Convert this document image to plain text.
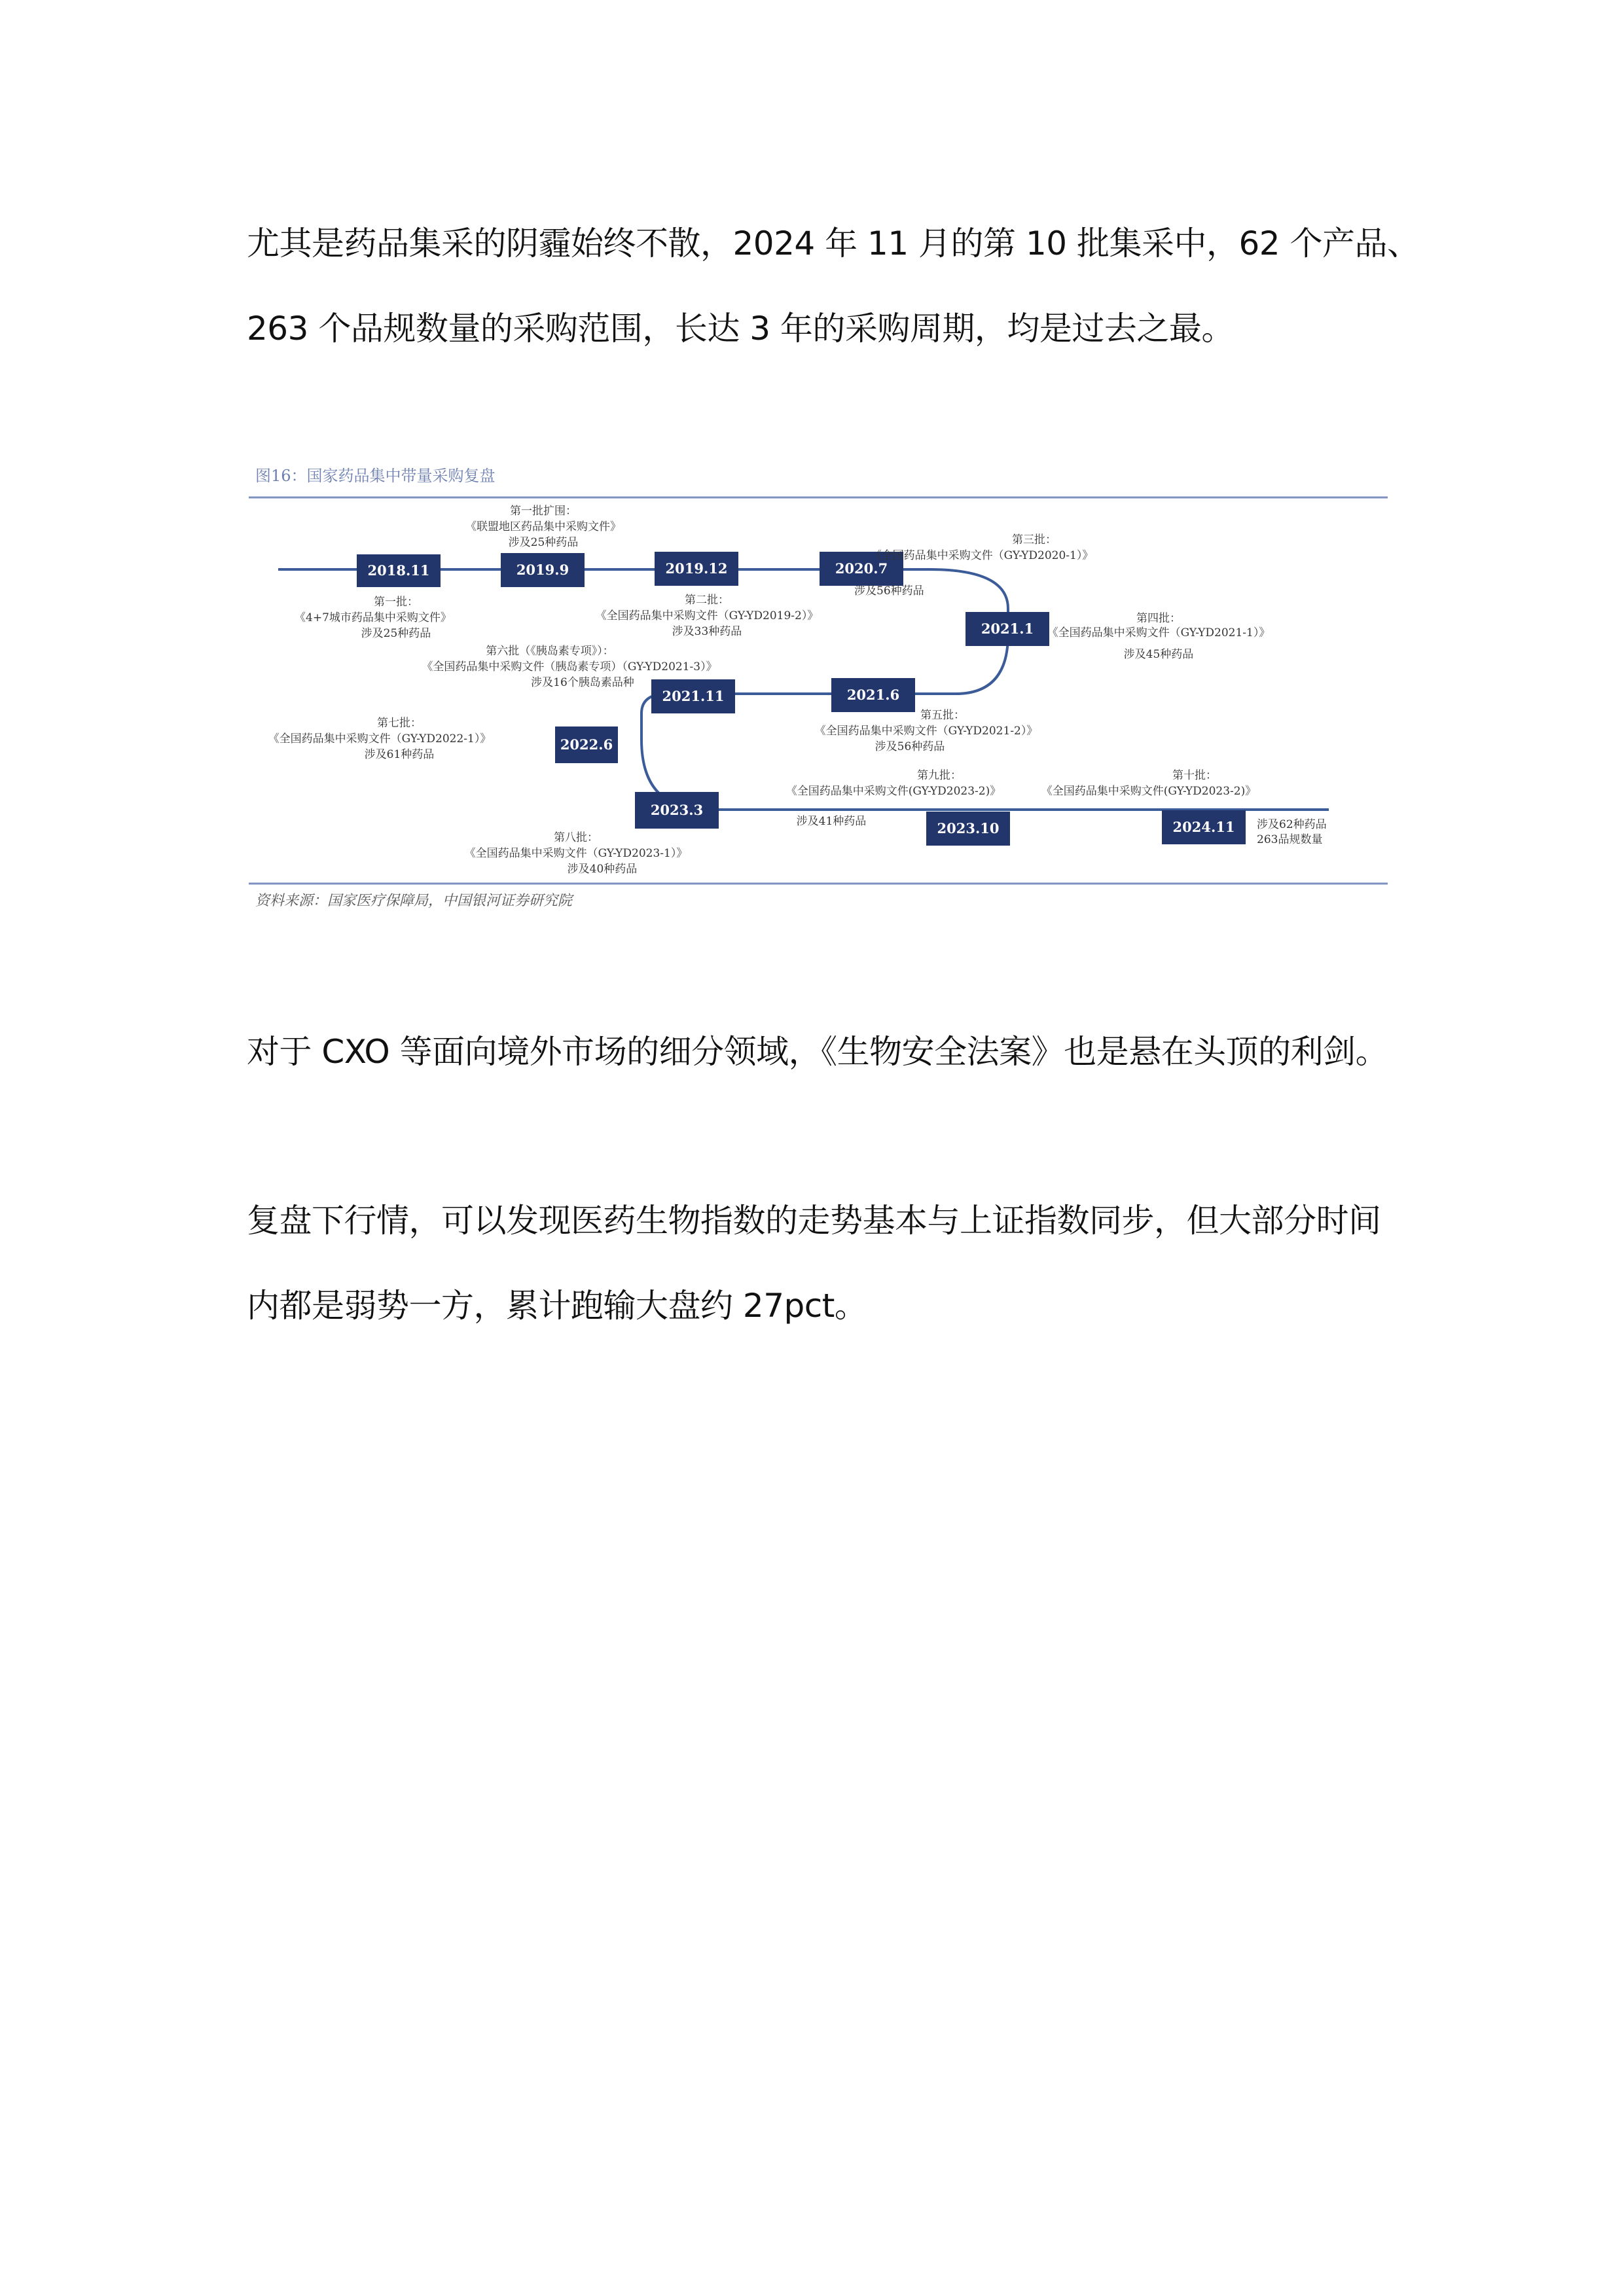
尤其是药品集采的阴霾始终不散，2024 年 11 月的第 10 批集采中，62 个产品、

263 个品规数量的采购范围，长达 3 年的采购周期，均是过去之最。

图16：国家药品集中带量采购复盘
2018.11	2019.9	2019.12	2020.7
2021.1
2021.6
2021.11
2022.6
2023.3
2023.10	2024.11
第一批：
《4+7城市药品集中采购文件》
涉及25种药品
第一批扩围：
《联盟地区药品集中采购文件》
涉及25种药品
第二批：
《全国药品集中采购文件（GY-YD2019-2）》
涉及33种药品
第三批：
《全国药品集中采购文件（GY-YD2020-1）》
涉及56种药品
第四批：
《全国药品集中采购文件（GY-YD2021-1）》
涉及45种药品
第五批：
《全国药品集中采购文件（GY-YD2021-2）》
涉及56种药品
第六批（《胰岛素专项》）：
《全国药品集中采购文件（胰岛素专项）（GY-YD2021-3）》
涉及16个胰岛素品种
第七批：
《全国药品集中采购文件（GY-YD2022-1）》
涉及61种药品
第八批：
《全国药品集中采购文件（GY-YD2023-1）》
涉及40种药品
第九批：
《全国药品集中采购文件(GY-YD2023-2)》
涉及41种药品
第十批：
《全国药品集中采购文件(GY-YD2023-2)》
涉及62种药品
263品规数量
资料来源：国家医疗保障局，中国银河证券研究院

对于 CXO 等面向境外市场的细分领域，《生物安全法案》也是悬在头顶的利剑。

复盘下行情，可以发现医药生物指数的走势基本与上证指数同步，但大部分时间

内都是弱势一方，累计跑输大盘约 27pct。
